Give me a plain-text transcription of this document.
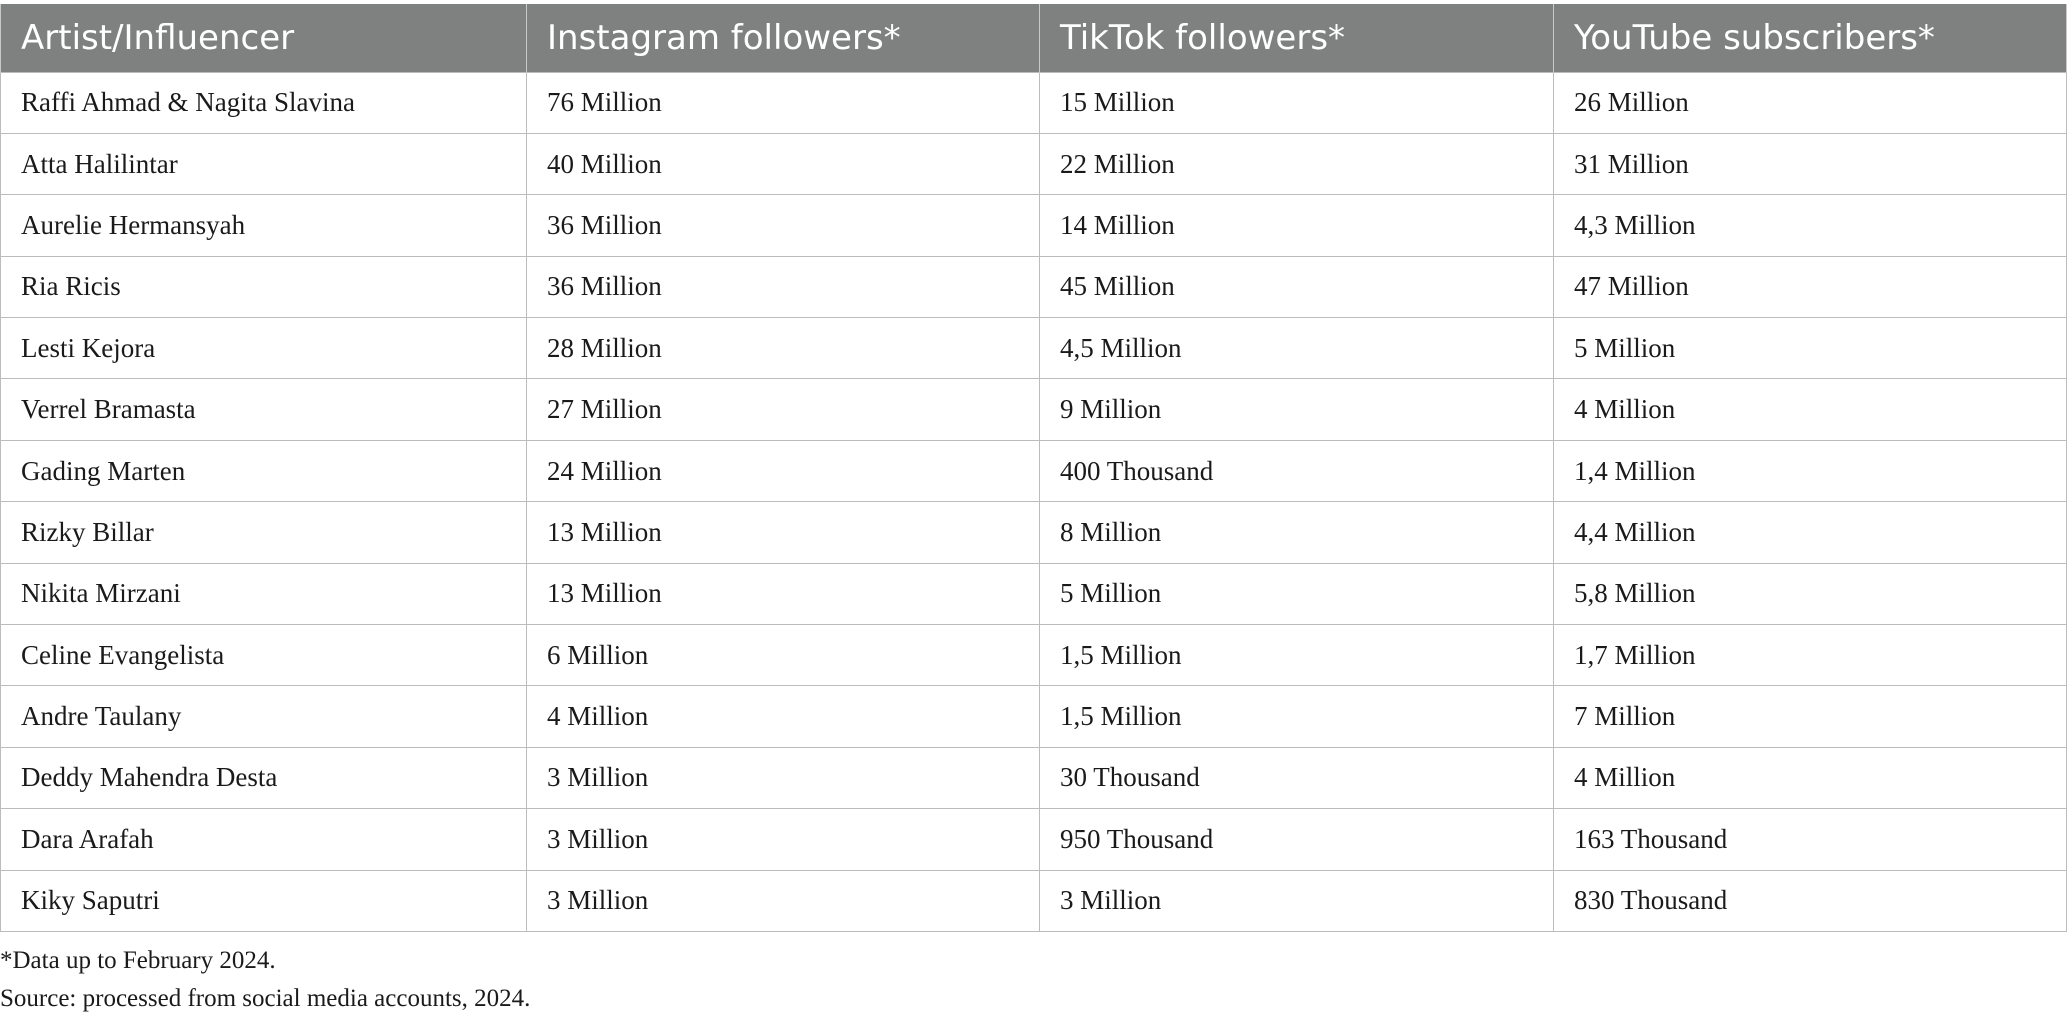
Artist/Influencer	Instagram followers*	TikTok followers*	YouTube subscribers*
Raffi Ahmad & Nagita Slavina	76 Million	15 Million	26 Million
Atta Halilintar	40 Million	22 Million	31 Million
Aurelie Hermansyah	36 Million	14 Million	4,3 Million
Ria Ricis	36 Million	45 Million	47 Million
Lesti Kejora	28 Million	4,5 Million	5 Million
Verrel Bramasta	27 Million	9 Million	4 Million
Gading Marten	24 Million	400 Thousand	1,4 Million
Rizky Billar	13 Million	8 Million	4,4 Million
Nikita Mirzani	13 Million	5 Million	5,8 Million
Celine Evangelista	6 Million	1,5 Million	1,7 Million
Andre Taulany	4 Million	1,5 Million	7 Million
Deddy Mahendra Desta	3 Million	30 Thousand	4 Million
Dara Arafah	3 Million	950 Thousand	163 Thousand
Kiky Saputri	3 Million	3 Million	830 Thousand
*Data up to February 2024.
Source: processed from social media accounts, 2024.
